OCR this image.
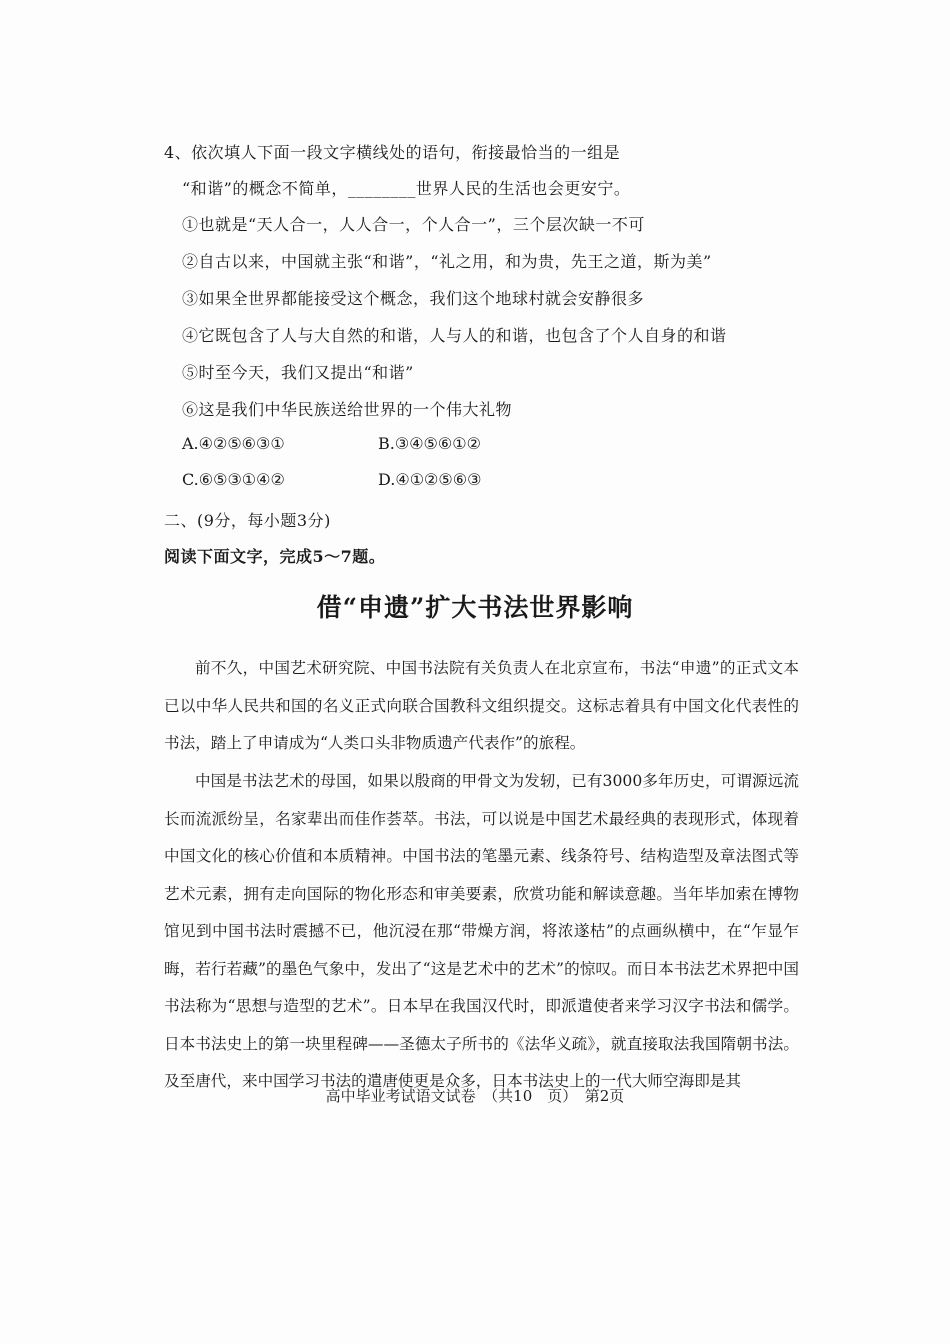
4、依次填人下面一段文字横线处的语句，衔接最恰当的一组是
“和谐”的概念不简单，________世界人民的生活也会更安宁。
①也就是“天人合一，人人合一，个人合一”，三个层次缺一不可
②自古以来，中国就主张“和谐”，“礼之用，和为贵，先王之道，斯为美”
③如果全世界都能接受这个概念，我们这个地球村就会安静很多
④它既包含了人与大自然的和谐，人与人的和谐，也包含了个人自身的和谐
⑤时至今天，我们又提出“和谐”
⑥这是我们中华民族送给世界的一个伟大礼物
A.④②⑤⑥③①	B.③④⑤⑥①②
C.⑥⑤③①④②	D.④①②⑤⑥③
二、(9分，每小题3分)
阅读下面文字，完成5～7题。
借“申遗”扩大书法世界影响
前不久，中国艺术研究院、中国书法院有关负责人在北京宣布，书法“申遗”的正式文本已以中华人民共和国的名义正式向联合国教科文组织提交。这标志着具有中国文化代表性的书法，踏上了申请成为“人类口头非物质遗产代表作”的旅程。
中国是书法艺术的母国，如果以殷商的甲骨文为发轫，已有3000多年历史，可谓源远流长而流派纷呈，名家辈出而佳作荟萃。书法，可以说是中国艺术最经典的表现形式，体现着中国文化的核心价值和本质精神。中国书法的笔墨元素、线条符号、结构造型及章法图式等艺术元素，拥有走向国际的物化形态和审美要素，欣赏功能和解读意趣。当年毕加索在博物馆见到中国书法时震撼不已，他沉浸在那“带燥方润，将浓遂枯”的点画纵横中，在“乍显乍晦，若行若藏”的墨色气象中，发出了“这是艺术中的艺术”的惊叹。而日本书法艺术界把中国书法称为“思想与造型的艺术”。日本早在我国汉代时，即派遣使者来学习汉字书法和儒学。日本书法史上的第一块里程碑——圣德太子所书的《法华义疏》，就直接取法我国隋朝书法。及至唐代，来中国学习书法的遣唐使更是众多，日本书法史上的一代大师空海即是其
高中毕业考试语文试卷　（共10　页）　第2页
